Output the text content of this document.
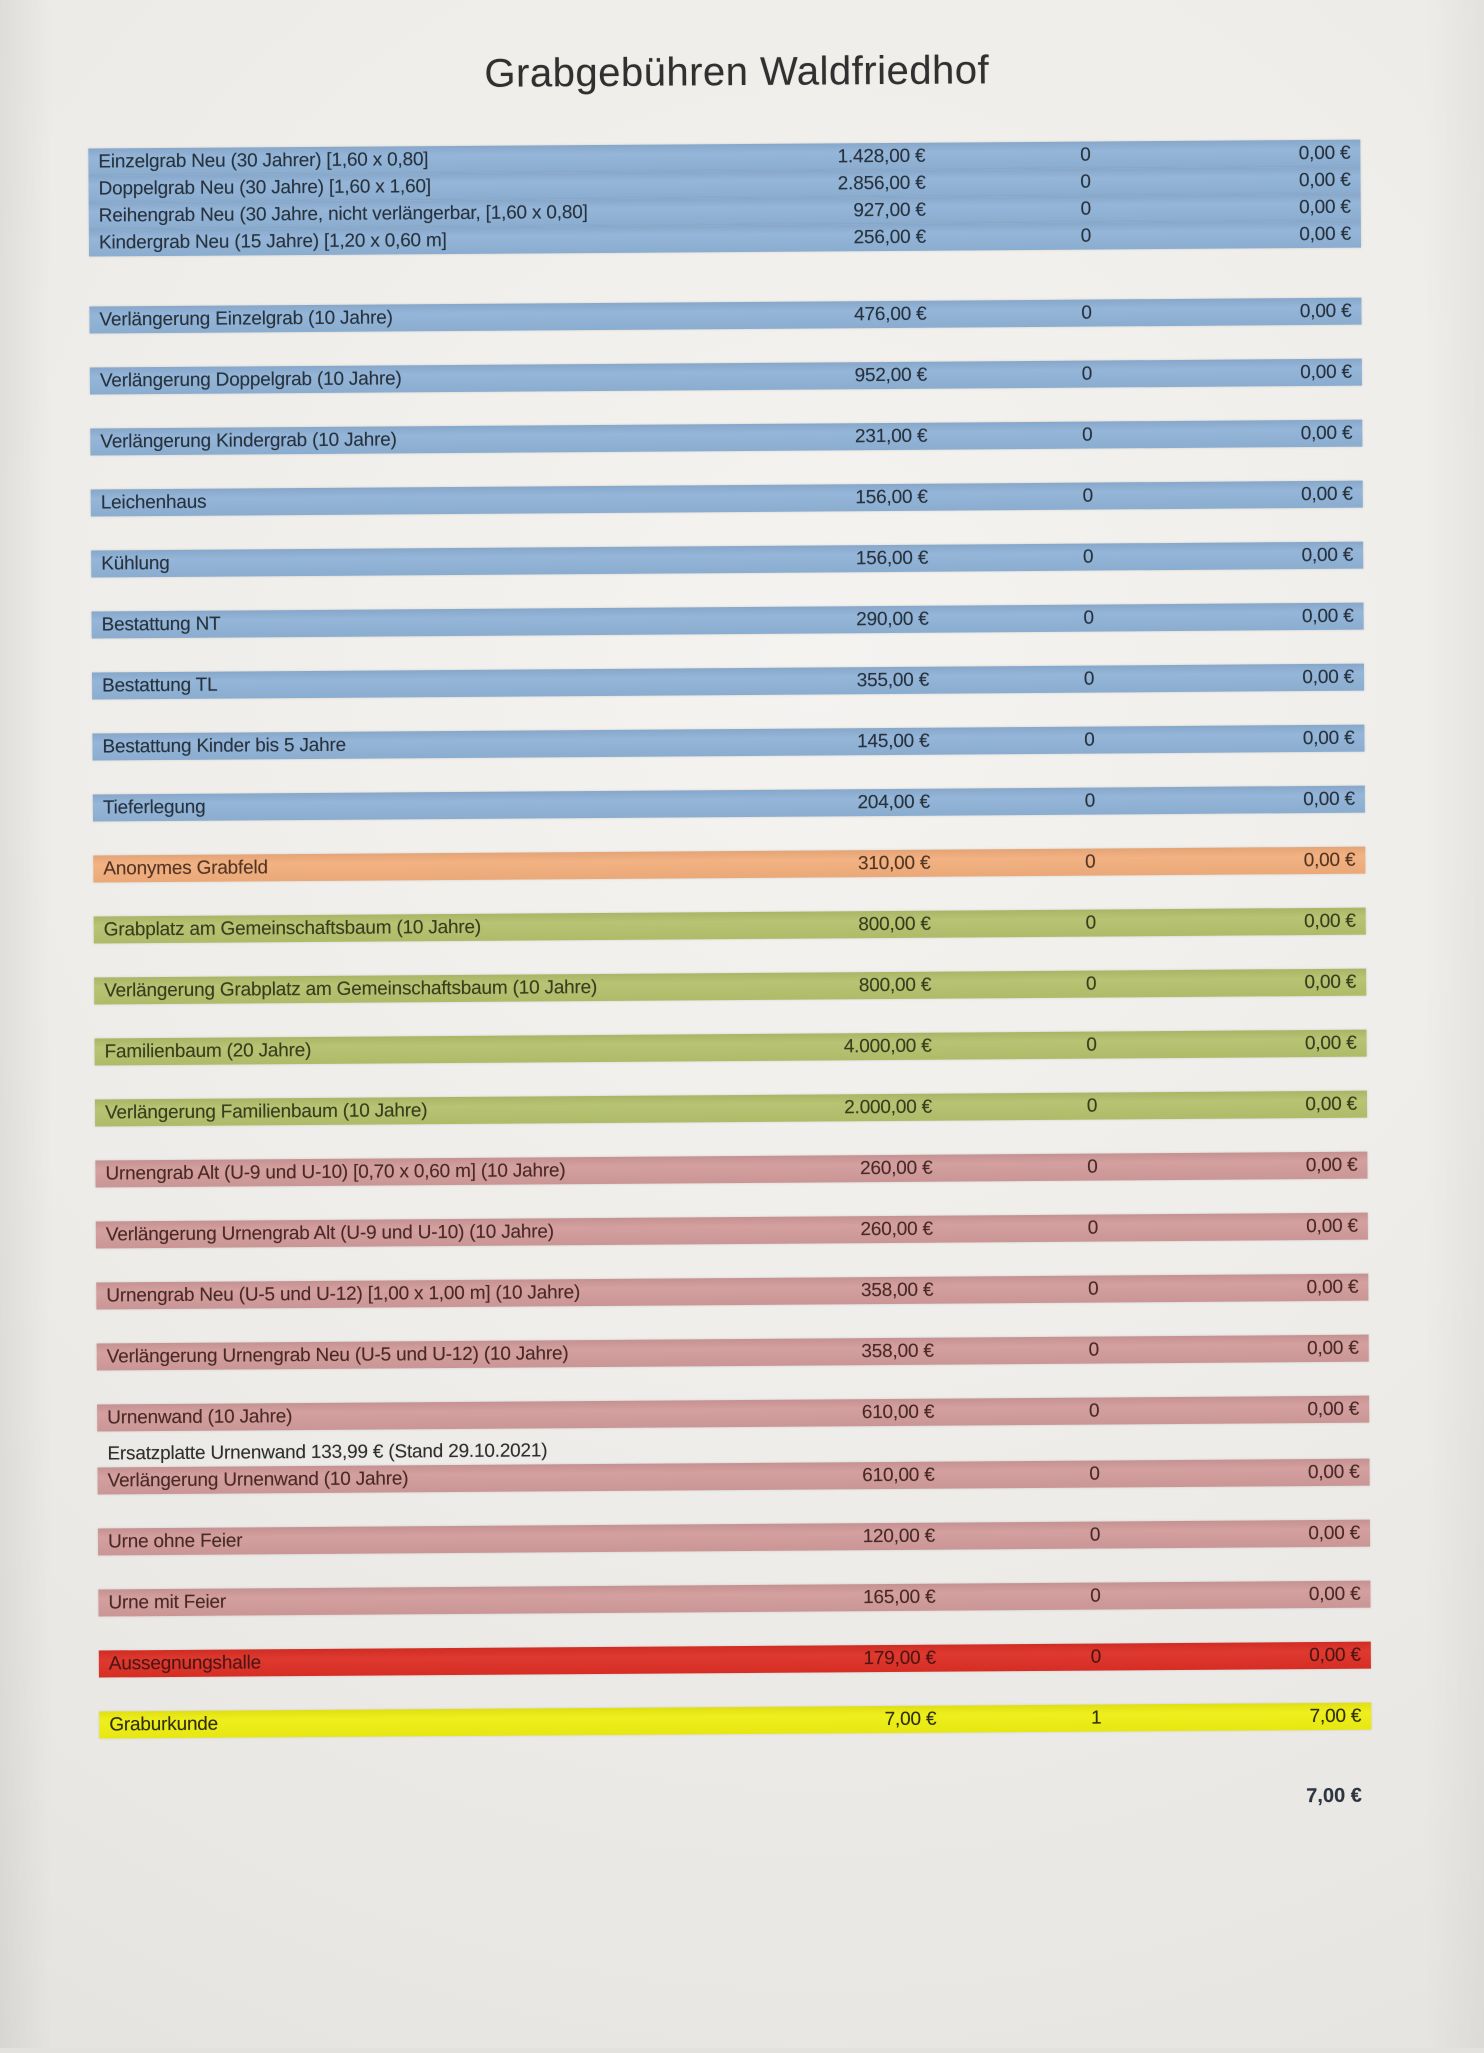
Grabgebühren Waldfriedhof
Einzelgrab Neu (30 Jahrer) [1,60 x 0,80]	1.428,00 €	0	0,00 €
Doppelgrab Neu (30 Jahre) [1,60 x 1,60]	2.856,00 €	0	0,00 €
Reihengrab Neu (30 Jahre, nicht verlängerbar, [1,60 x 0,80]	927,00 €	0	0,00 €
Kindergrab Neu (15 Jahre) [1,20 x 0,60 m]	256,00 €	0	0,00 €
Verlängerung Einzelgrab (10 Jahre)	476,00 €	0	0,00 €
Verlängerung Doppelgrab (10 Jahre)	952,00 €	0	0,00 €
Verlängerung Kindergrab (10 Jahre)	231,00 €	0	0,00 €
Leichenhaus	156,00 €	0	0,00 €
Kühlung	156,00 €	0	0,00 €
Bestattung NT	290,00 €	0	0,00 €
Bestattung TL	355,00 €	0	0,00 €
Bestattung Kinder bis 5 Jahre	145,00 €	0	0,00 €
Tieferlegung	204,00 €	0	0,00 €
Anonymes Grabfeld	310,00 €	0	0,00 €
Grabplatz am Gemeinschaftsbaum (10 Jahre)	800,00 €	0	0,00 €
Verlängerung Grabplatz am Gemeinschaftsbaum (10 Jahre)	800,00 €	0	0,00 €
Familienbaum (20 Jahre)	4.000,00 €	0	0,00 €
Verlängerung Familienbaum (10 Jahre)	2.000,00 €	0	0,00 €
Urnengrab Alt (U-9 und U-10) [0,70 x 0,60 m] (10 Jahre)	260,00 €	0	0,00 €
Verlängerung Urnengrab Alt (U-9 und U-10) (10 Jahre)	260,00 €	0	0,00 €
Urnengrab Neu (U-5 und U-12) [1,00 x 1,00 m] (10 Jahre)	358,00 €	0	0,00 €
Verlängerung Urnengrab Neu (U-5 und U-12) (10 Jahre)	358,00 €	0	0,00 €
Urnenwand (10 Jahre)	610,00 €	0	0,00 €
Ersatzplatte Urnenwand 133,99 € (Stand 29.10.2021)
Verlängerung Urnenwand (10 Jahre)	610,00 €	0	0,00 €
Urne ohne Feier	120,00 €	0	0,00 €
Urne mit Feier	165,00 €	0	0,00 €
Aussegnungshalle	179,00 €	0	0,00 €
Graburkunde	7,00 €	1	7,00 €
7,00 €
